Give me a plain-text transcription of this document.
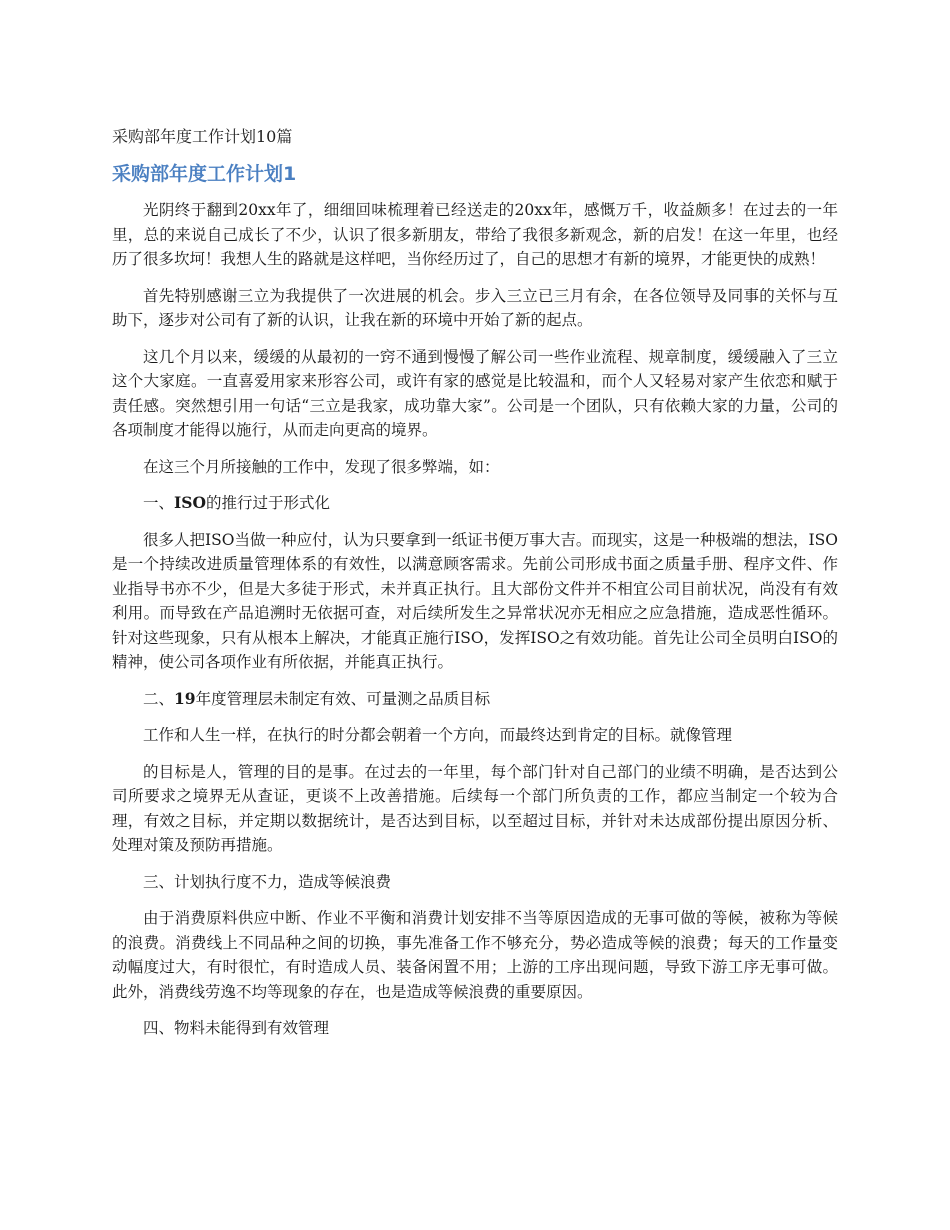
采购部年度工作计划10篇
采购部年度工作计划1

光阴终于翻到20xx年了，细细回味梳理着已经送走的20xx年，感慨万千，收益颇多！在过去的一年里，总的来说自己成长了不少，认识了很多新朋友，带给了我很多新观念，新的启发！在这一年里，也经历了很多坎坷！我想人生的路就是这样吧，当你经历过了，自己的思想才有新的境界，才能更快的成熟！

首先特别感谢三立为我提供了一次进展的机会。步入三立已三月有余，在各位领导及同事的关怀与互助下，逐步对公司有了新的认识，让我在新的环境中开始了新的起点。

这几个月以来，缓缓的从最初的一窍不通到慢慢了解公司一些作业流程、规章制度，缓缓融入了三立这个大家庭。一直喜爱用家来形容公司，或许有家的感觉是比较温和，而个人又轻易对家产生依恋和赋于责任感。突然想引用一句话“三立是我家，成功靠大家”。公司是一个团队，只有依赖大家的力量，公司的各项制度才能得以施行，从而走向更高的境界。

在这三个月所接触的工作中，发现了很多弊端，如：

一、ISO的推行过于形式化

很多人把ISO当做一种应付，认为只要拿到一纸证书便万事大吉。而现实，这是一种极端的想法，ISO是一个持续改进质量管理体系的有效性，以满意顾客需求。先前公司形成书面之质量手册、程序文件、作业指导书亦不少，但是大多徒于形式，未并真正执行。且大部份文件并不相宜公司目前状况，尚没有有效利用。而导致在产品追溯时无依据可查，对后续所发生之异常状况亦无相应之应急措施，造成恶性循环。针对这些现象，只有从根本上解决，才能真正施行ISO，发挥ISO之有效功能。首先让公司全员明白ISO的精神，使公司各项作业有所依据，并能真正执行。

二、19年度管理层未制定有效、可量测之品质目标

工作和人生一样，在执行的时分都会朝着一个方向，而最终达到肯定的目标。就像管理

的目标是人，管理的目的是事。在过去的一年里，每个部门针对自己部门的业绩不明确，是否达到公司所要求之境界无从查证，更谈不上改善措施。后续每一个部门所负责的工作，都应当制定一个较为合理，有效之目标，并定期以数据统计，是否达到目标，以至超过目标，并针对未达成部份提出原因分析、处理对策及预防再措施。

三、计划执行度不力，造成等候浪费

由于消费原料供应中断、作业不平衡和消费计划安排不当等原因造成的无事可做的等候，被称为等候的浪费。消费线上不同品种之间的切换，事先准备工作不够充分，势必造成等候的浪费；每天的工作量变动幅度过大，有时很忙，有时造成人员、装备闲置不用；上游的工序出现问题，导致下游工序无事可做。此外，消费线劳逸不均等现象的存在，也是造成等候浪费的重要原因。

四、物料未能得到有效管理
